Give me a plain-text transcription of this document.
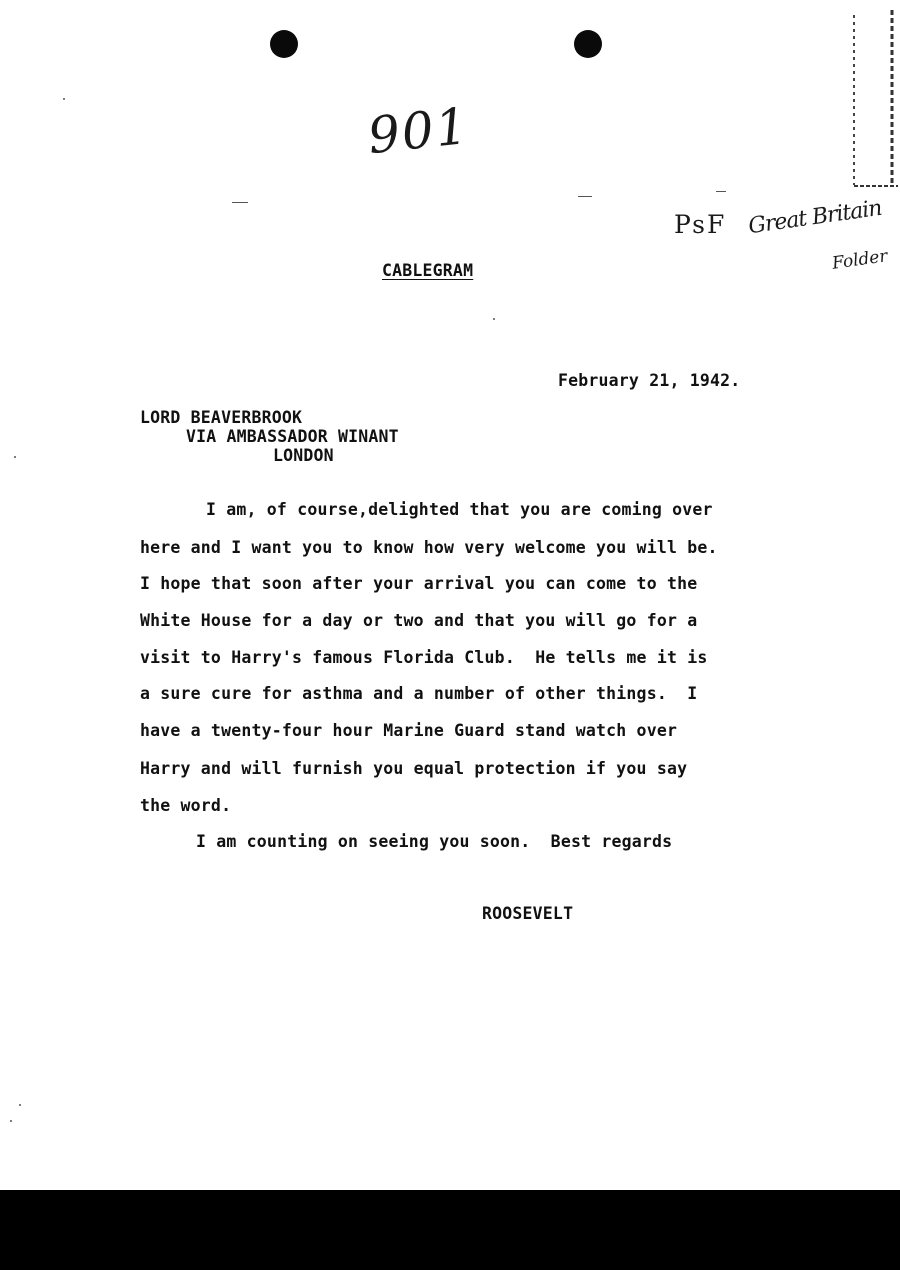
901
PsF Great Britain
Folder
CABLEGRAM
February 21, 1942.
LORD BEAVERBROOK
VIA AMBASSADOR WINANT
LONDON
I am, of course,delighted that you are coming over
here and I want you to know how very welcome you will be.
I hope that soon after your arrival you can come to the
White House for a day or two and that you will go for a
visit to Harry's famous Florida Club.  He tells me it is
a sure cure for asthma and a number of other things.  I
have a twenty-four hour Marine Guard stand watch over
Harry and will furnish you equal protection if you say
the word.
I am counting on seeing you soon.  Best regards
ROOSEVELT
